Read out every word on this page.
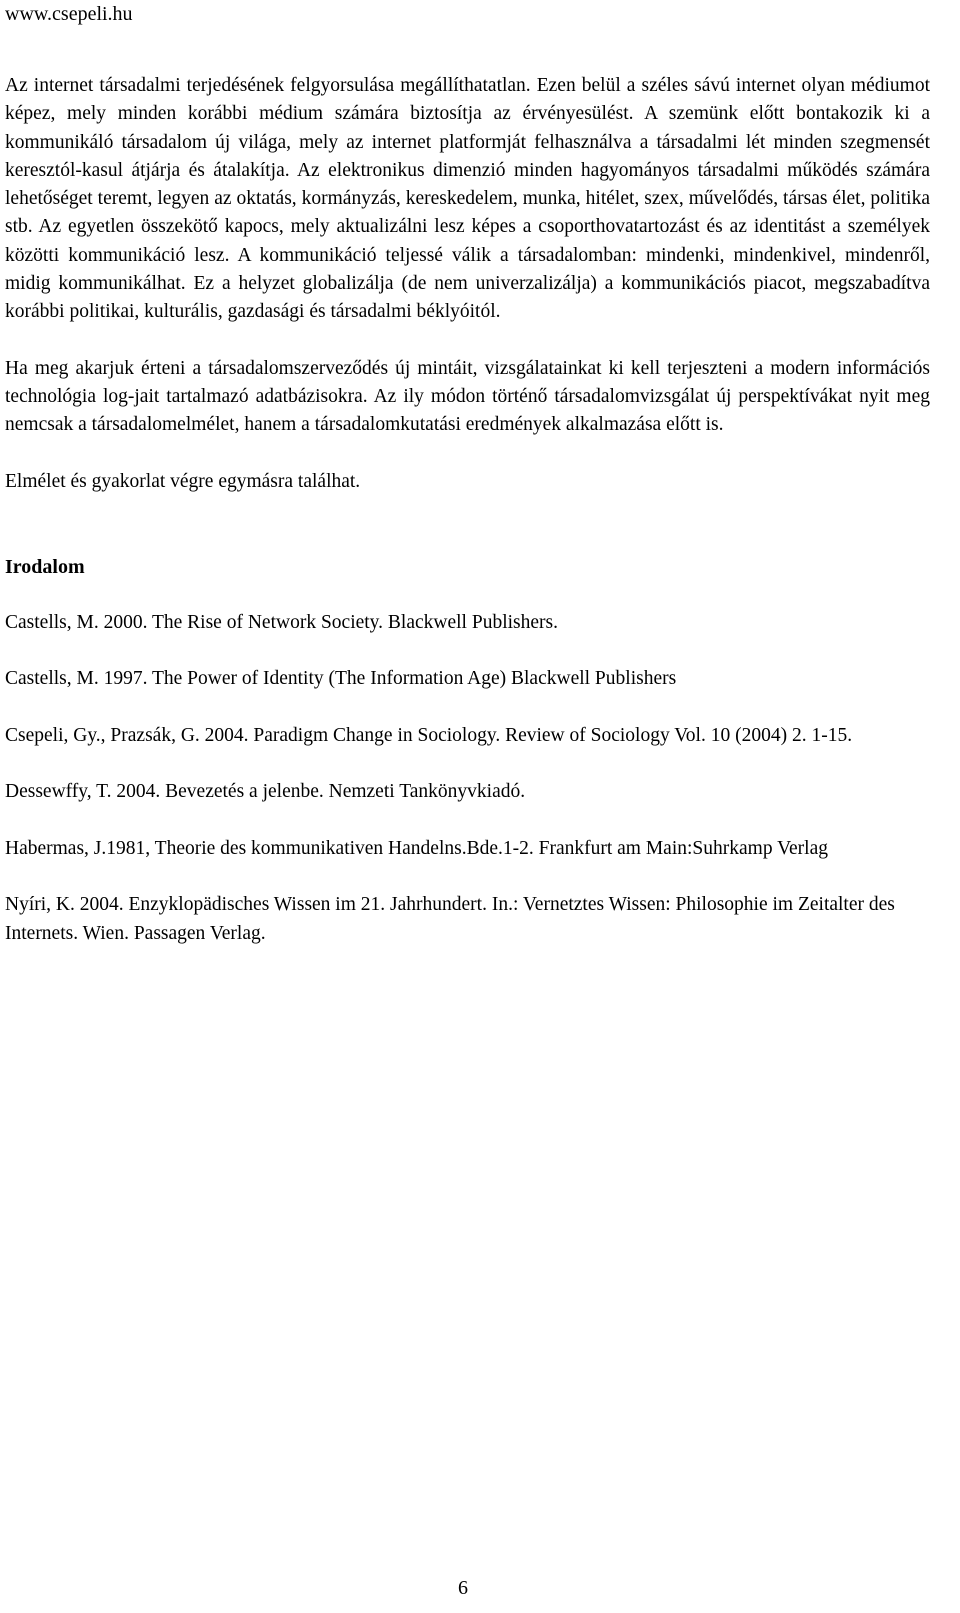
www.csepeli.hu

Az internet társadalmi terjedésének felgyorsulása megállíthatatlan. Ezen belül a széles sávú internet olyan médiumot képez, mely minden korábbi médium számára biztosítja az érvényesülést. A szemünk előtt bontakozik ki a kommunikáló társadalom új világa, mely az internet platformját felhasználva a társadalmi lét minden szegmensét keresztól-kasul átjárja és átalakítja. Az elektronikus dimenzió minden hagyományos társadalmi működés számára lehetőséget teremt, legyen az oktatás, kormányzás, kereskedelem, munka, hitélet, szex, művelődés, társas élet, politika stb. Az egyetlen összekötő kapocs, mely aktualizálni lesz képes a csoporthovatartozást és az identitást a személyek közötti kommunikáció lesz. A kommunikáció teljessé válik a társadalomban: mindenki, mindenkivel, mindenről, midig kommunikálhat. Ez a helyzet globalizálja (de nem univerzalizálja) a kommunikációs piacot, megszabadítva korábbi politikai, kulturális, gazdasági és társadalmi béklyóitól.

Ha meg akarjuk érteni a társadalomszerveződés új mintáit, vizsgálatainkat ki kell terjeszteni a modern információs technológia log-jait tartalmazó adatbázisokra. Az ily módon történő társadalomvizsgálat új perspektívákat nyit meg nemcsak a társadalomelmélet, hanem a társadalomkutatási eredmények alkalmazása előtt is.

Elmélet és gyakorlat végre egymásra találhat.

Irodalom
Castells, M. 2000. The Rise of Network Society. Blackwell Publishers.
Castells, M. 1997. The Power of Identity (The Information Age) Blackwell Publishers
Csepeli, Gy., Prazsák, G. 2004. Paradigm Change in Sociology. Review of Sociology Vol. 10 (2004) 2. 1-15.
Dessewffy, T. 2004. Bevezetés a jelenbe. Nemzeti Tankönyvkiadó.
Habermas, J.1981, Theorie des kommunikativen Handelns.Bde.1-2. Frankfurt am Main:Suhrkamp Verlag
Nyíri, K. 2004. Enzyklopädisches Wissen im 21. Jahrhundert. In.: Vernetztes Wissen: Philosophie im Zeitalter des Internets. Wien. Passagen Verlag.

6
